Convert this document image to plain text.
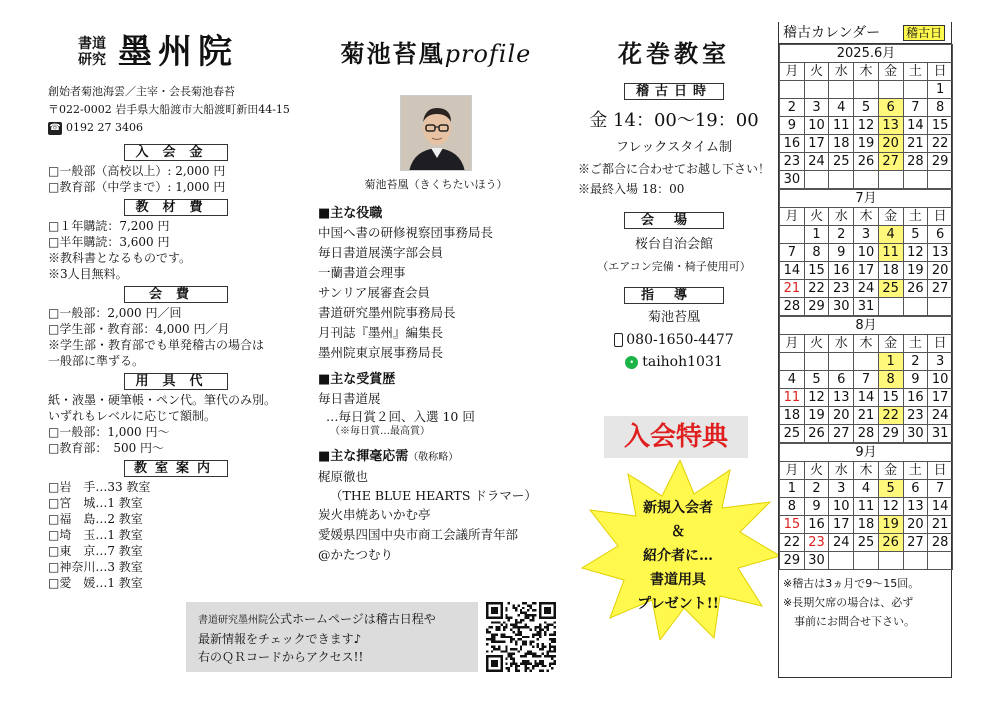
書道
研究 墨州院
創始者菊池海雲／主宰・会長菊池春苔
〒022-0002 岩手県大船渡市大船渡町新田44-15
☎ 0192 27 3406
入会金
□一般部（高校以上）: 2,000 円
□教育部（中学まで）: 1,000 円
教材費
□１年購読：7,200 円
□半年購読：3,600 円
※教科書となるものです。
※3人目無料。
会費
□一般部：2,000 円／回
□学生部・教育部：4,000 円／月
※学生部・教育部でも単発稽古の場合は
一般部に準ずる。
用具代
紙・液墨・硬筆帳・ペン代。筆代のみ別。
いずれもレベルに応じて額制。
□一般部：1,000 円～
□教育部：　500 円～
教室案内
□岩　手…33 教室
□宮　城…1 教室
□福　島…2 教室
□埼　玉…1 教室
□東　京…7 教室
□神奈川…3 教室
□愛　媛…1 教室
菊池苔凰profile
菊池苔凰（きくちたいほう）
■主な役職
中国へ書の研修視察団事務局長
毎日書道展漢字部会員
一蘭書道会理事
サンリア展審査会員
書道研究墨州院事務局長
月刊誌『墨州』編集長
墨州院東京展事務局長
■主な受賞歴
毎日書道展
…毎日賞２回、入選 10 回
（※毎日賞…最高賞）
■主な揮毫応需（敬称略）
梶原徹也
（THE BLUE HEARTS ドラマー）
炭火串焼あいかむ亭
愛媛県四国中央市商工会議所青年部
@かたつむり
花巻教室
稽古日時
金 14：00～19：00
フレックスタイム制
※ご都合に合わせてお越し下さい！
※最終入場 18：00
会場
桜台自治会館
（エアコン完備・椅子使用可）
指導
菊池苔凰
080-1650-4477
• taihoh1031
入会特典
新規入会者
＆
紹介者に…
書道用具
プレゼント!!
書道研究墨州院公式ホームページは稽古日程や
最新情報をチェックできます♪
右のＱＲコードからアクセス!!
稽古カレンダー 稽古日
2025.6月						
月	火	水	木	金	土	日
						1
2	3	4	5	6	7	8
9	10	11	12	13	14	15
16	17	18	19	20	21	22
23	24	25	26	27	28	29
30						
7月						
月	火	水	木	金	土	日
	1	2	3	4	5	6
7	8	9	10	11	12	13
14	15	16	17	18	19	20
21	22	23	24	25	26	27
28	29	30	31			
8月						
月	火	水	木	金	土	日
				1	2	3
4	5	6	7	8	9	10
11	12	13	14	15	16	17
18	19	20	21	22	23	24
25	26	27	28	29	30	31
9月						
月	火	水	木	金	土	日
1	2	3	4	5	6	7
8	9	10	11	12	13	14
15	16	17	18	19	20	21
22	23	24	25	26	27	28
29	30					
※稽古は3ヵ月で9～15回。
※長期欠席の場合は、必ず
事前にお問合せ下さい。
